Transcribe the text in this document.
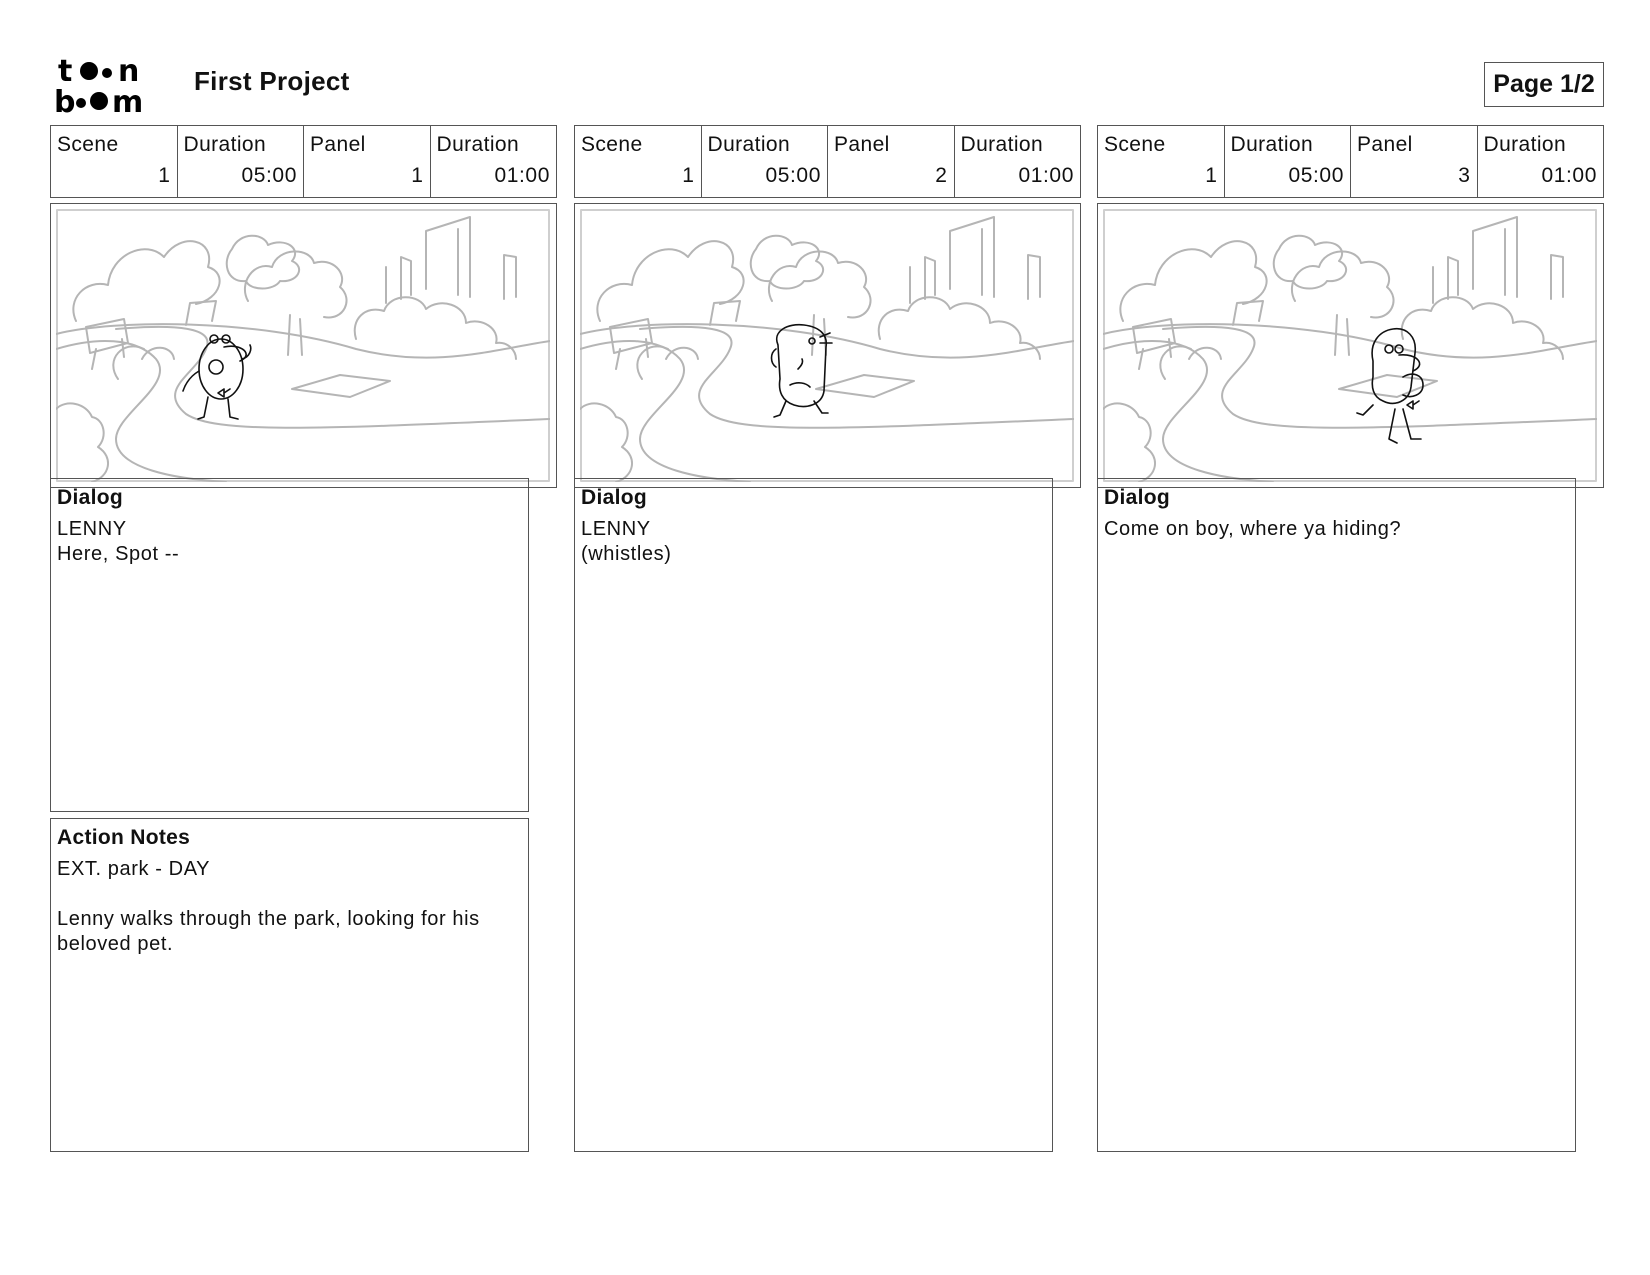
t n
b m
First Project	Page 1/2
Scene
1
Duration
05:00
Panel
1
Duration
01:00
Dialog
LENNY
Here, Spot --
Action Notes
EXT. park - DAY
Lenny walks through the park, looking for his
beloved pet.
Scene
1
Duration
05:00
Panel
2
Duration
01:00
Dialog
LENNY
(whistles)
Scene
1
Duration
05:00
Panel
3
Duration
01:00
Dialog
Come on boy, where ya hiding?
